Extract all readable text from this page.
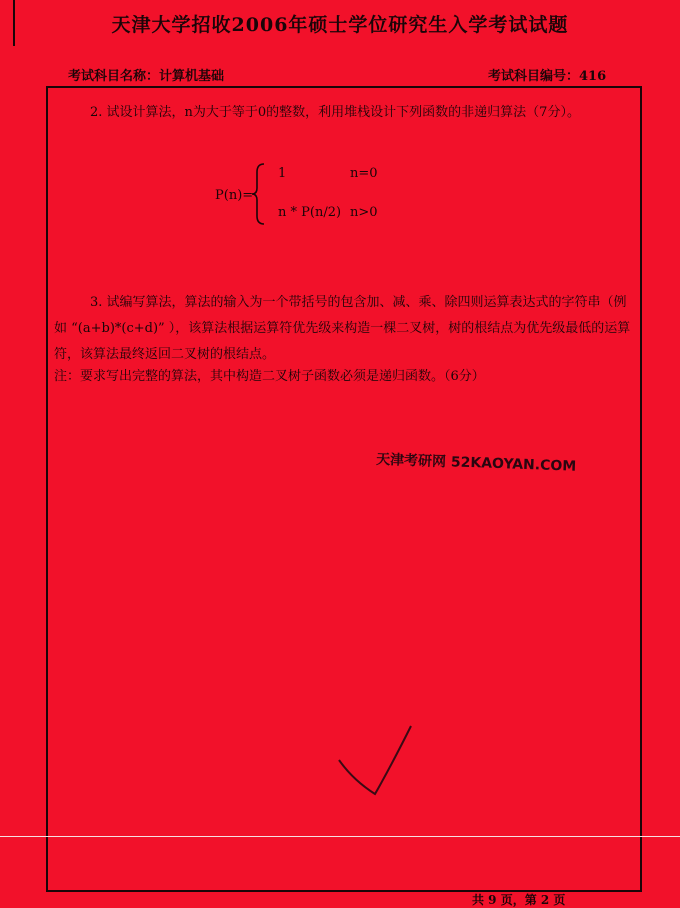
天津大学招收2006年硕士学位研究生入学考试试题
考试科目名称：计算机基础	考试科目编号：416
2. 试设计算法，n为大于等于0的整数，利用堆栈设计下列函数的非递归算法（7分）。
P(n)=
1	n=0
n * P(n/2) n>0
3. 试编写算法，算法的输入为一个带括号的包含加、减、乘、除四则运算表达式的字符串（例如 “(a+b)*(c+d)” ），该算法根据运算符优先级来构造一棵二叉树，树的根结点为优先级最低的运算符，该算法最终返回二叉树的根结点。
注：要求写出完整的算法，其中构造二叉树子函数必须是递归函数。（6分）
天津考研网 52KAOYAN.COM
共 9 页，第 2 页
